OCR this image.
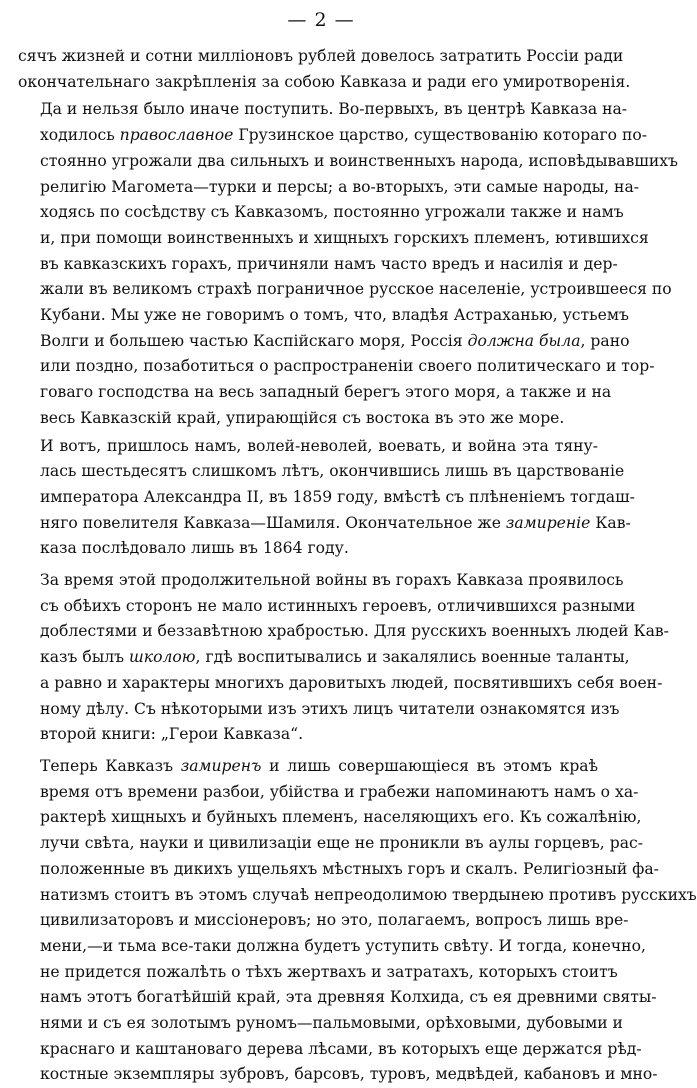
— 2 —

сячъ жизней и сотни миллiоновъ рублей довелось затратить Россiи ради
окончательнаго закрѣпленiя за собою Кавказа и ради его умиротворенiя.

Да и нельзя было иначе поступить. Во-первыхъ, въ центрѣ Кавказа на-
ходилось православное Грузинское царство, существованiю котораго по-
стоянно угрожали два сильныхъ и воинственныхъ народа, исповѣдывавшихъ
религiю Магомета—турки и персы; а во-вторыхъ, эти самые народы, на-
ходясь по сосѣдству съ Кавказомъ, постоянно угрожали также и намъ
и, при помощи воинственныхъ и хищныхъ горскихъ племенъ, ютившихся
въ кавказскихъ горахъ, причиняли намъ часто вредъ и насилiя и дер-
жали въ великомъ страхѣ пограничное русское населенiе, устроившееся по
Кубани. Мы уже не говоримъ о томъ, что, владѣя Астраханью, устьемъ
Волги и большею частью Каспiйскаго моря, Россiя должна была, рано
или поздно, позаботиться о распространенiи своего политическаго и тор-
говаго господства на весь западный берегъ этого моря, а также и на
весь Кавказскiй край, упирающiйся съ востока въ это же море.

И вотъ, пришлось намъ, волей-неволей, воевать, и война эта тяну-
лась шестьдесятъ слишкомъ лѣтъ, окончившись лишь въ царствованiе
императора Александра II, въ 1859 году, вмѣстѣ съ плѣненiемъ тогдаш-
няго повелителя Кавказа—Шамиля. Окончательное же замиренiе Кав-
каза послѣдовало лишь въ 1864 году.

За время этой продолжительной войны въ горахъ Кавказа проявилось
съ обѣихъ сторонъ не мало истинныхъ героевъ, отличившихся разными
доблестями и беззавѣтною храбростью. Для русскихъ военныхъ людей Кав-
казъ былъ школою, гдѣ воспитывались и закалялись военные таланты,
а равно и характеры многихъ даровитыхъ людей, посвятившихъ себя воен-
ному дѣлу. Съ нѣкоторыми изъ этихъ лицъ читатели ознакомятся изъ
второй книги: „Герои Кавказа“.

Теперь Кавказъ замиренъ и лишь совершающiеся въ этомъ краѣ
время отъ времени разбои, убiйства и грабежи напоминаютъ намъ о ха-
рактерѣ хищныхъ и буйныхъ племенъ, населяющихъ его. Къ сожалѣнiю,
лучи свѣта, науки и цивилизацiи еще не проникли въ аулы горцевъ, рас-
положенные въ дикихъ ущельяхъ мѣстныхъ горъ и скалъ. Религiозный фа-
натизмъ стоитъ въ этомъ случаѣ непреодолимою твердынею противъ русскихъ
цивилизаторовъ и миссiонеровъ; но это, полагаемъ, вопросъ лишь вре-
мени,—и тьма все-таки должна будетъ уступить свѣту. И тогда, конечно,
не придется пожалѣть о тѣхъ жертвахъ и затратахъ, которыхъ стоитъ
намъ этотъ богатѣйшiй край, эта древняя Колхида, съ ея древними святы-
нями и съ ея золотымъ руномъ—пальмовыми, орѣховыми, дубовыми и
краснаго и каштановаго дерева лѣсами, въ которыхъ еще держатся рѣд-
костные экземпляры зубровъ, барсовъ, туровъ, медвѣдей, кабановъ и мно-
